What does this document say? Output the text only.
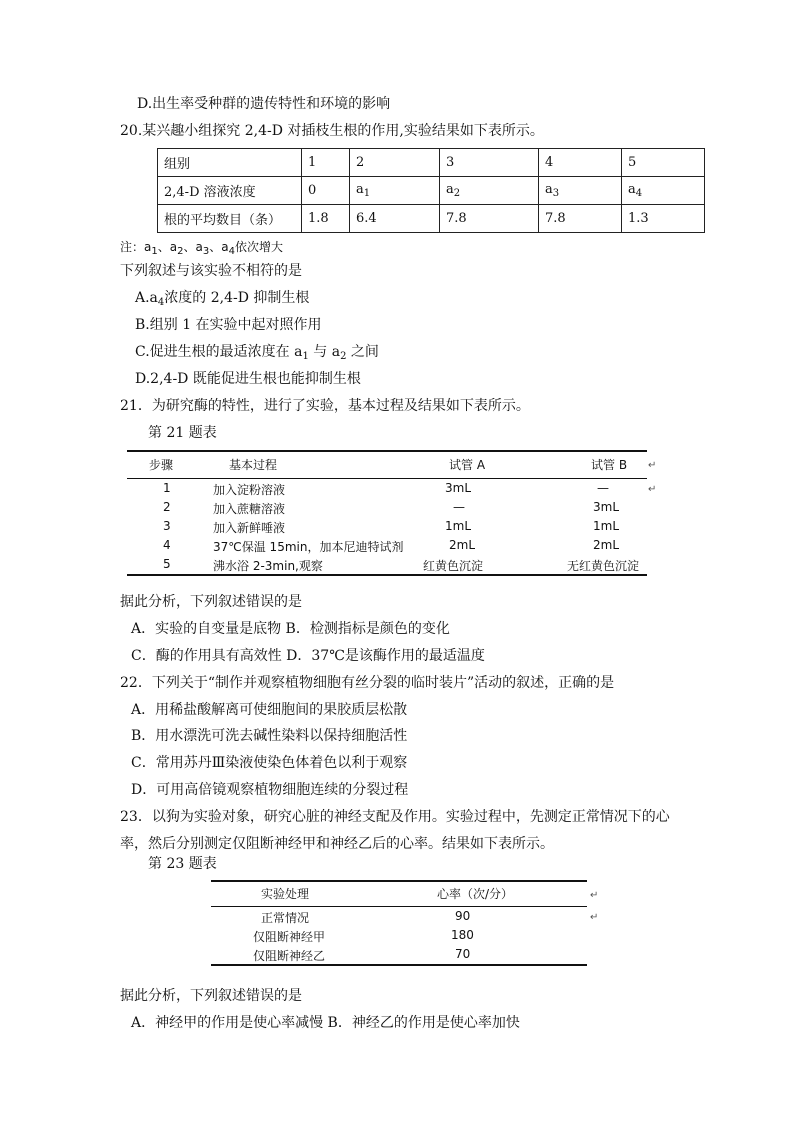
D.出生率受种群的遗传特性和环境的影响
20.某兴趣小组探究 2,4-D 对插枝生根的作用,实验结果如下表所示。
组别	1	2	3	4	5
2,4-D 溶液浓度	0	$a_1$	$a_2$	$a_3$	$a_4$
根的平均数目（条）	1.8	6.4	7.8	7.8	1.3
注：$a_1$、$a_2$、$a_3$、$a_4$依次增大
下列叙述与该实验不相符的是
$A.a_4$浓度的 2,4-D 抑制生根
B.组别 1 在实验中起对照作用
C.促进生根的最适浓度在 $a_1$ 与 $a_2$ 之间
D.2,4-D 既能促进生根也能抑制生根
21．为研究酶的特性，进行了实验，基本过程及结果如下表所示。
第 21 题表
步骤	基本过程	试管 A	试管 B
1	加入淀粉溶液	3mL	—
2	加入蔗糖溶液	—	3mL
3	加入新鲜唾液	1mL	1mL
4	37℃保温 15min，加本尼迪特试剂	2mL	2mL
5	沸水浴 2-3min,观察	红黄色沉淀	无红黄色沉淀
↵
↵
据此分析，下列叙述错误的是
A．实验的自变量是底物 B．检测指标是颜色的变化
C．酶的作用具有高效性 D．37℃是该酶作用的最适温度
22．下列关于“制作并观察植物细胞有丝分裂的临时装片”活动的叙述，正确的是
A．用稀盐酸解离可使细胞间的果胶质层松散
B．用水漂洗可洗去碱性染料以保持细胞活性
C．常用苏丹Ⅲ染液使染色体着色以利于观察
D．可用高倍镜观察植物细胞连续的分裂过程
23．以狗为实验对象，研究心脏的神经支配及作用。实验过程中，先测定正常情况下的心
率，然后分别测定仅阻断神经甲和神经乙后的心率。结果如下表所示。
第 23 题表
实验处理	心率（次/分）
正常情况	90
仅阻断神经甲	180
仅阻断神经乙	70
↵
↵
据此分析，下列叙述错误的是
A．神经甲的作用是使心率减慢 B．神经乙的作用是使心率加快
